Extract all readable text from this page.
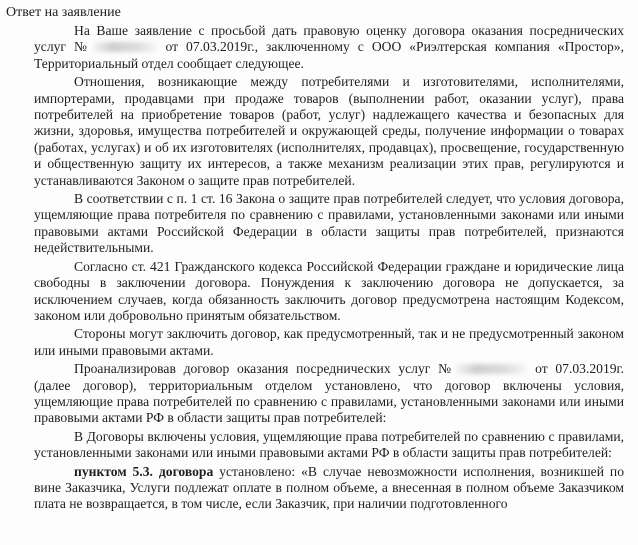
Ответ на заявление

На Ваше заявление с просьбой дать правовую оценку договора оказания посреднических услуг №	от 07.03.2019г., заключенному с ООО «Риэлтерская компания «Простор», Территориальный отдел сообщает следующее.

Отношения, возникающие между потребителями и изготовителями, исполнителями, импортерами, продавцами при продаже товаров (выполнении работ, оказании услуг), права потребителей на приобретение товаров (работ, услуг) надлежащего качества и безопасных для жизни, здоровья, имущества потребителей и окружающей среды, получение информации о товарах (работах, услугах) и об их изготовителях (исполнителях, продавцах), просвещение, государственную и общественную защиту их интересов, а также механизм реализации этих прав, регулируются и устанавливаются Законом о защите прав потребителей.

В соответствии с п. 1 ст. 16 Закона о защите прав потребителей следует, что условия договора, ущемляющие права потребителя по сравнению с правилами, установленными законами или иными правовыми актами Российской Федерации в области защиты прав потребителей, признаются недействительными.

Согласно ст. 421 Гражданского кодекса Российской Федерации граждане и юридические лица свободны в заключении договора. Понуждения к заключению договора не допускается, за исключением случаев, когда обязанность заключить договор предусмотрена настоящим Кодексом, законом или добровольно принятым обязательством.

Стороны могут заключить договор, как предусмотренный, так и не предусмотренный законом или иными правовыми актами.

Проанализировав договор оказания посреднических услуг №	от 07.03.2019г. (далее договор), территориальным отделом установлено, что договор включены условия, ущемляющие права потребителей по сравнению с правилами, установленными законами или иными правовыми актами РФ в области защиты прав потребителей:

В Договоры включены условия, ущемляющие права потребителей по сравнению с правилами, установленными законами или иными правовыми актами РФ в области защиты прав потребителей:

пунктом 5.3. договора установлено: «В случае невозможности исполнения, возникшей по вине Заказчика, Услуги подлежат оплате в полном объеме, а внесенная в полном объеме Заказчиком плата не возвращается, в том числе, если Заказчик, при наличии подготовленного
